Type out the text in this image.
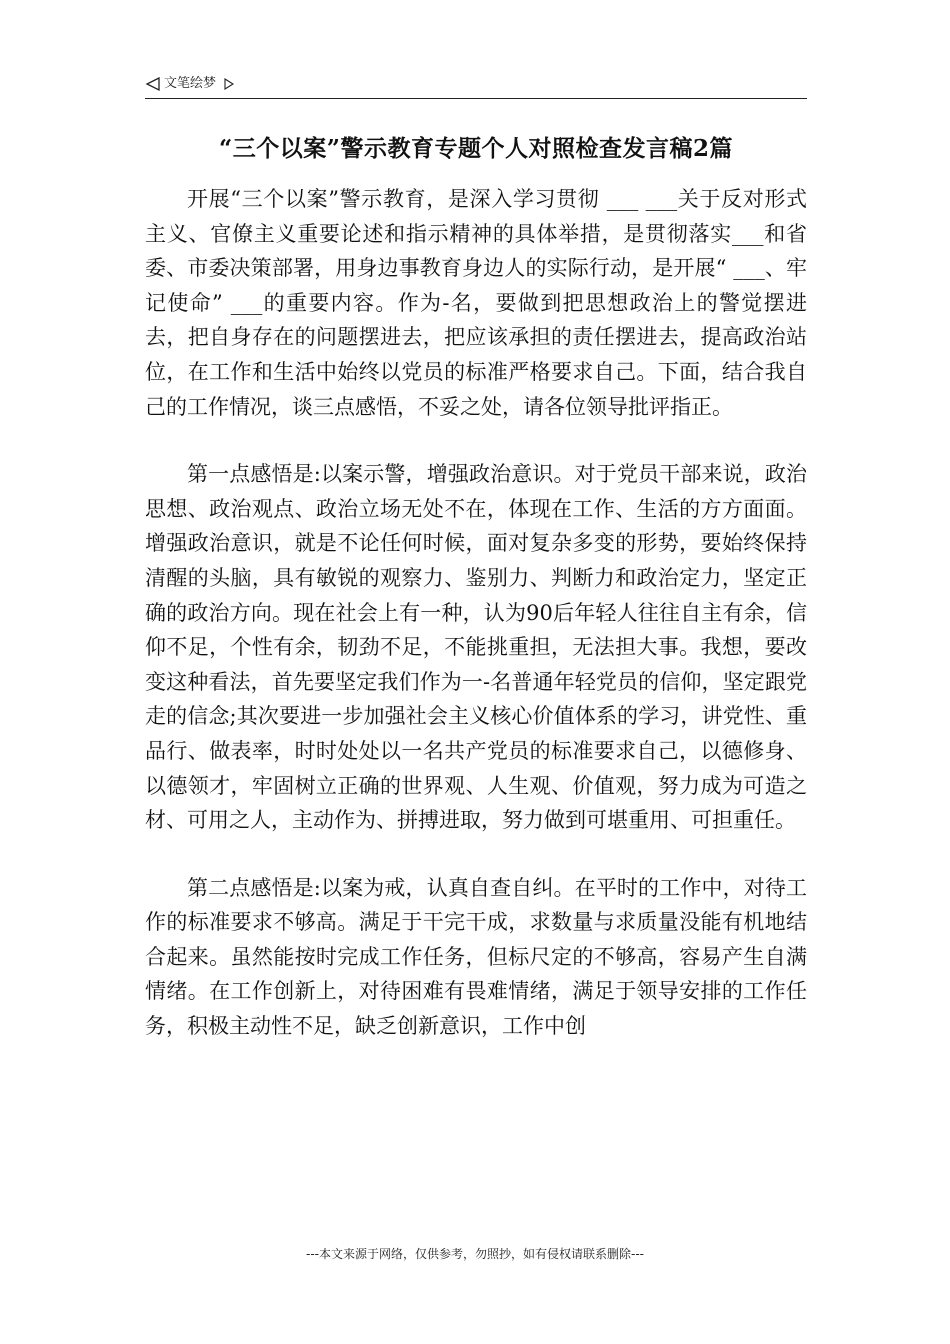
文笔绘梦
“三个以案”警示教育专题个人对照检查发言稿2篇

开展“三个以案”警示教育，是深入学习贯彻 ___ ___关于反对形式主义、官僚主义重要论述和指示精神的具体举措，是贯彻落实___和省委、市委决策部署，用身边事教育身边人的实际行动，是开展“ ___、牢记使命” ___的重要内容。作为-名，要做到把思想政治上的警觉摆进去，把自身存在的问题摆进去，把应该承担的责任摆进去，提高政治站位，在工作和生活中始终以党员的标准严格要求自己。下面，结合我自己的工作情况，谈三点感悟，不妥之处，请各位领导批评指正。

第一点感悟是:以案示警，增强政治意识。对于党员干部来说，政治思想、政治观点、政治立场无处不在，体现在工作、生活的方方面面。增强政治意识，就是不论任何时候，面对复杂多变的形势，要始终保持清醒的头脑，具有敏锐的观察力、鉴别力、判断力和政治定力，坚定正确的政治方向。现在社会上有一种，认为90后年轻人往往自主有余，信仰不足，个性有余，韧劲不足，不能挑重担，无法担大事。我想，要改变这种看法，首先要坚定我们作为一-名普通年轻党员的信仰，坚定跟党走的信念;其次要进一步加强社会主义核心价值体系的学习，讲党性、重品行、做表率，时时处处以一名共产党员的标准要求自己，以德修身、以德领才，牢固树立正确的世界观、人生观、价值观，努力成为可造之材、可用之人，主动作为、拼搏进取，努力做到可堪重用、可担重任。

第二点感悟是:以案为戒，认真自查自纠。在平时的工作中，对待工作的标准要求不够高。满足于干完干成，求数量与求质量没能有机地结合起来。虽然能按时完成工作任务，但标尺定的不够高，容易产生自满情绪。在工作创新上，对待困难有畏难情绪，满足于领导安排的工作任务，积极主动性不足，缺乏创新意识，工作中创

---本文来源于网络，仅供参考，勿照抄，如有侵权请联系删除---
